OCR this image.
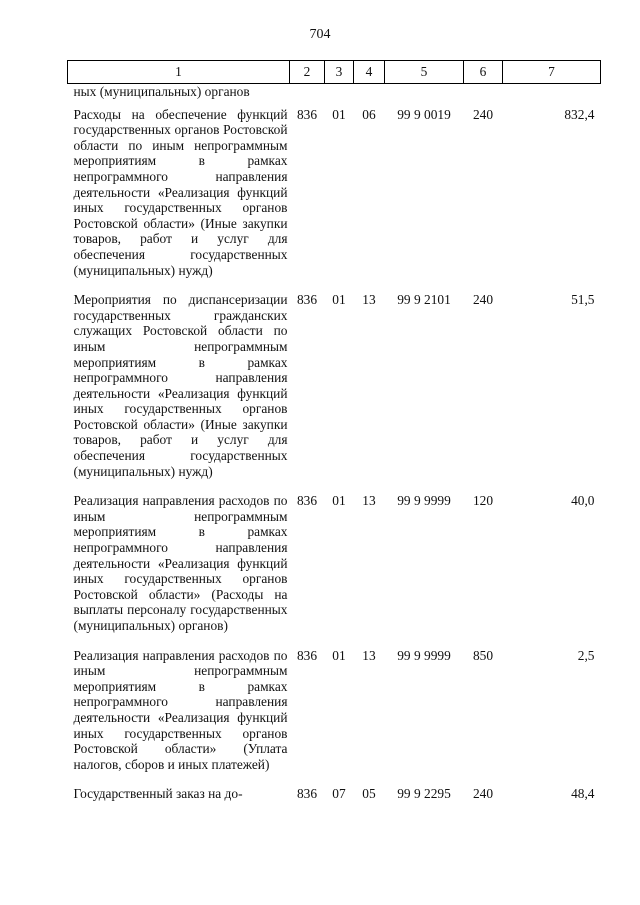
704
1	2	3	4	5	6	7
ных (муниципальных) органов						
Расходы на обеспечение функций государственных органов Ростовской области по иным непрограммным мероприятиям в рамках непрограммного направления деятельности «Реализация функций иных государственных органов Ростовской области» (Иные закупки товаров, работ и услуг для обеспечения государственных (муниципальных) нужд)	836	01	06	99 9 0019	240	832,4
Мероприятия по диспансеризации государственных гражданских служащих Ростовской области по иным непрограммным мероприятиям в рамках непрограммного направления деятельности «Реализация функций иных государственных органов Ростовской области» (Иные закупки товаров, работ и услуг для обеспечения государственных (муниципальных) нужд)	836	01	13	99 9 2101	240	51,5
Реализация направления расходов по иным непрограммным мероприятиям в рамках непрограммного направления деятельности «Реализация функций иных государственных органов Ростовской области» (Расходы на выплаты персоналу государственных (муниципальных) органов)	836	01	13	99 9 9999	120	40,0
Реализация направления расходов по иным непрограммным мероприятиям в рамках непрограммного направления деятельности «Реализация функций иных государственных органов Ростовской области» (Уплата налогов, сборов и иных платежей)	836	01	13	99 9 9999	850	2,5
Государственный заказ на до-	836	07	05	99 9 2295	240	48,4
